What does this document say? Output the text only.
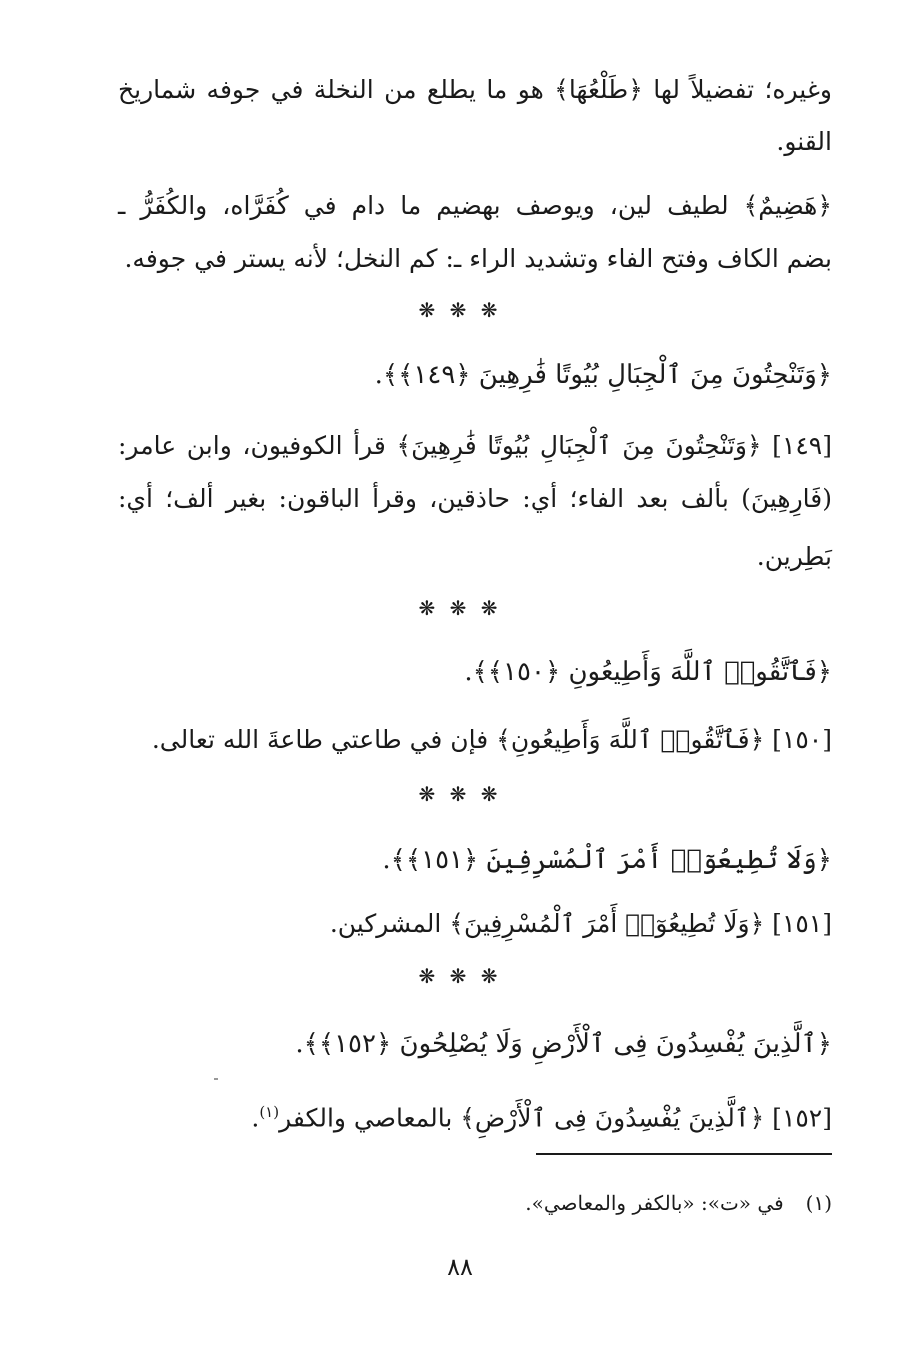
وغيره؛ تفضيلاً لها ﴿طَلْعُهَا﴾ هو ما يطلع من النخلة في جوفه شماريخ
القنو.
﴿هَضِيمٌ﴾ لطيف لين، ويوصف بهضيم ما دام في كُفَرَّاه، والكُفَرُّ ـ
بضم الكاف وفتح الفاء وتشديد الراء ـ: كم النخل؛ لأنه يستر في جوفه.
❋ ❋ ❋
﴿وَتَنْحِتُونَ مِنَ ٱلْجِبَالِ بُيُوتًا فَٰرِهِينَ ﴿١٤٩﴾﴾.
[١٤٩] ﴿وَتَنْحِتُونَ مِنَ ٱلْجِبَالِ بُيُوتًا فَٰرِهِينَ﴾ قرأ الكوفيون، وابن عامر:
(فَارِهِينَ) بألف بعد الفاء؛ أي: حاذقين، وقرأ الباقون: بغير ألف؛ أي:
بَطِرين.
❋ ❋ ❋
﴿فَٱتَّقُوا۟ ٱللَّهَ وَأَطِيعُونِ ﴿١٥٠﴾﴾.
[١٥٠] ﴿فَٱتَّقُوا۟ ٱللَّهَ وَأَطِيعُونِ﴾ فإن في طاعتي طاعةَ الله تعالى.
❋ ❋ ❋
﴿وَلَا تُطِيعُوٓا۟ أَمْرَ ٱلْمُسْرِفِينَ ﴿١٥١﴾﴾.
[١٥١] ﴿وَلَا تُطِيعُوٓا۟ أَمْرَ ٱلْمُسْرِفِينَ﴾ المشركين.
❋ ❋ ❋
﴿ٱلَّذِينَ يُفْسِدُونَ فِى ٱلْأَرْضِ وَلَا يُصْلِحُونَ ﴿١٥٢﴾﴾.
[١٥٢] ﴿ٱلَّذِينَ يُفْسِدُونَ فِى ٱلْأَرْضِ﴾ بالمعاصي والكفر$^{(١)}$.
(١)في «ت»: «بالكفر والمعاصي».
٨٨
